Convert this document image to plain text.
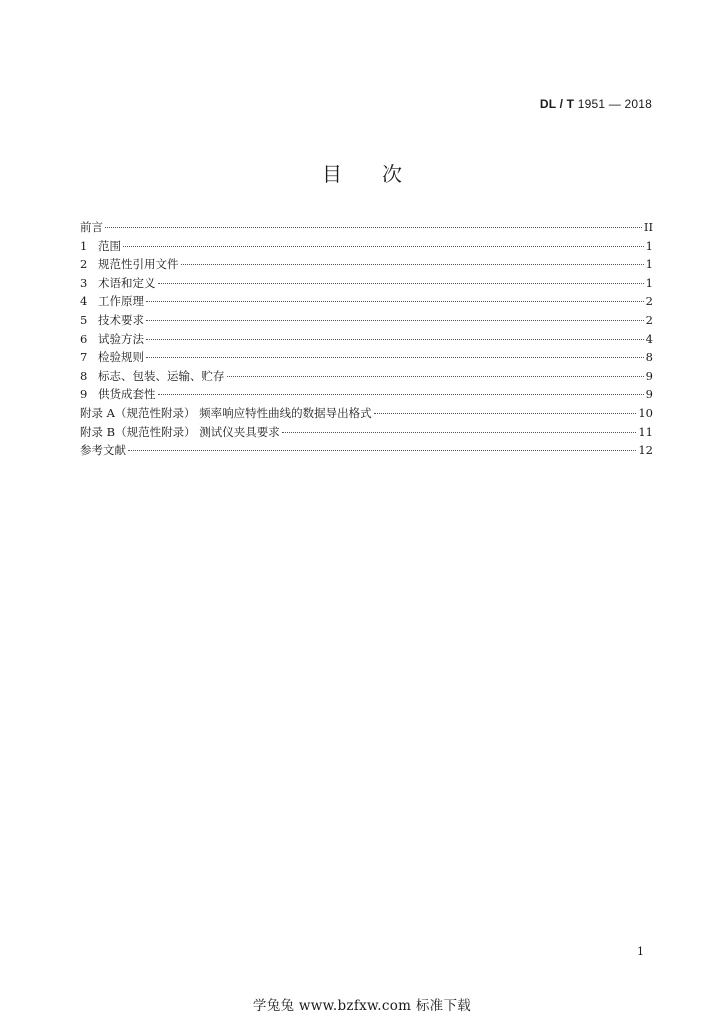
DL / T 1951 — 2018
目 次
前言	II
1 范围	1
2 规范性引用文件	1
3 术语和定义	1
4 工作原理	2
5 技术要求	2
6 试验方法	4
7 检验规则	8
8 标志、包装、运输、贮存	9
9 供货成套性	9
附录 A（规范性附录） 频率响应特性曲线的数据导出格式	10
附录 B（规范性附录） 测试仪夹具要求	11
参考文献	12
1
学兔兔 www.bzfxw.com 标准下载
